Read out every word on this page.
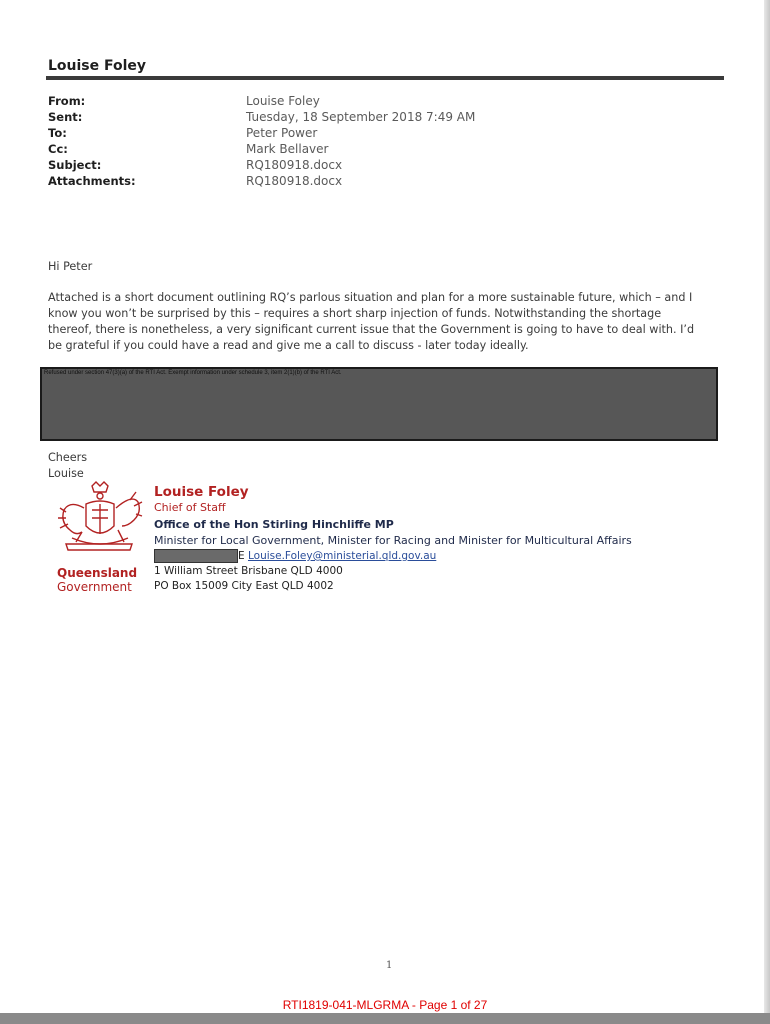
Louise Foley
From:	Louise Foley
Sent:	Tuesday, 18 September 2018 7:49 AM
To:	Peter Power
Cc:	Mark Bellaver
Subject:	RQ180918.docx
Attachments:	RQ180918.docx
Hi Peter
Attached is a short document outlining RQ’s parlous situation and plan for a more sustainable future, which – and I
know you won’t be surprised by this – requires a short sharp injection of funds. Notwithstanding the shortage
thereof, there is nonetheless, a very significant current issue that the Government is going to have to deal with. I’d
be grateful if you could have a read and give me a call to discuss - later today ideally.
Refused under section 47(3)(a) of the RTI Act. Exempt information under schedule 3, item 2(1)(b) of the RTI Act.
Cheers
Louise
Queensland
Government
Louise Foley
Chief of Staff
Office of the Hon Stirling Hinchliffe MP
Minister for Local Government, Minister for Racing and Minister for Multicultural Affairs
E Louise.Foley@ministerial.qld.gov.au
1 William Street Brisbane QLD 4000
PO Box 15009 City East QLD 4002
1
RTI1819-041-MLGRMA - Page 1 of 27
